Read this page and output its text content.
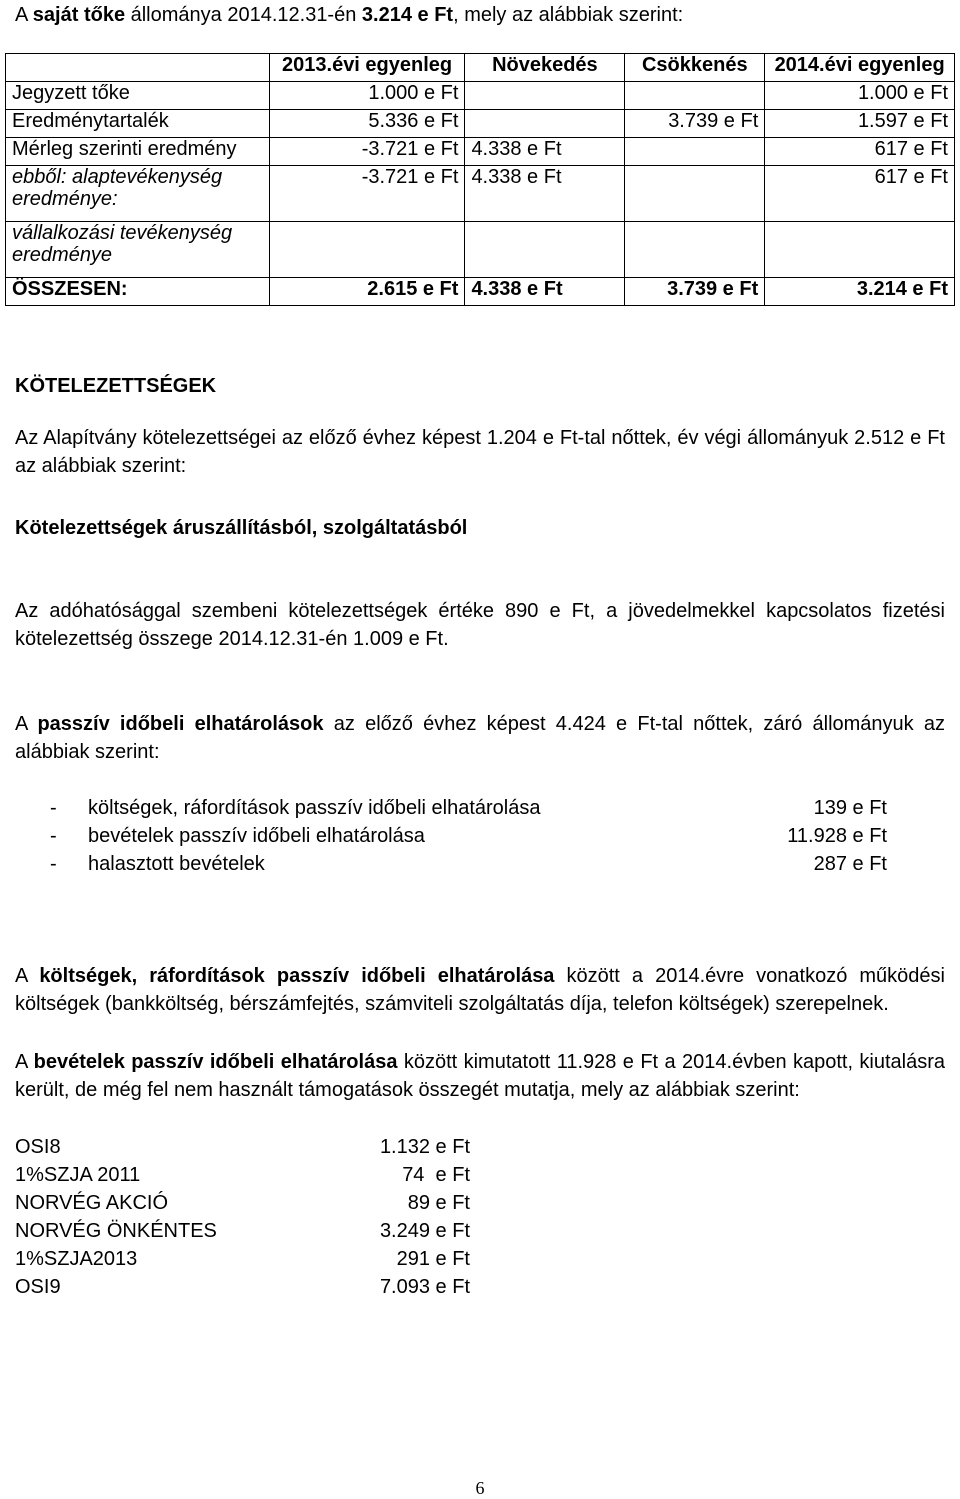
A saját tőke állománya 2014.12.31-én 3.214 e Ft, mely az alábbiak szerint:
	2013.évi egyenleg	Növekedés	Csökkenés	2014.évi egyenleg
Jegyzett tőke	1.000 e Ft			1.000 e Ft
Eredménytartalék	5.336 e Ft		3.739 e Ft	1.597 e Ft
Mérleg szerinti eredmény	-3.721 e Ft	4.338 e Ft		617 e Ft
ebből: alaptevékenység eredménye:	-3.721 e Ft	4.338 e Ft		617 e Ft
vállalkozási tevékenység eredménye				
ÖSSZESEN:	2.615 e Ft	4.338 e Ft	3.739 e Ft	3.214 e Ft
KÖTELEZETTSÉGEK
Az Alapítvány kötelezettségei az előző évhez képest 1.204 e Ft-tal nőttek, év végi állományuk 2.512 e Ft az alábbiak szerint:
Kötelezettségek áruszállításból, szolgáltatásból
Az adóhatósággal szembeni kötelezettségek értéke 890 e Ft, a jövedelmekkel kapcsolatos fizetési kötelezettség összege 2014.12.31-én 1.009 e Ft.
A passzív időbeli elhatárolások az előző évhez képest 4.424 e Ft-tal nőttek, záró állományuk az alábbiak szerint:
- költségek, ráfordítások passzív időbeli elhatárolása	139 e Ft
- bevételek passzív időbeli elhatárolása	11.928 e Ft
- halasztott bevételek	287 e Ft
A költségek, ráfordítások passzív időbeli elhatárolása között a 2014.évre vonatkozó működési költségek (bankköltség, bérszámfejtés, számviteli szolgáltatás díja, telefon költségek) szerepelnek.
A bevételek passzív időbeli elhatárolása között kimutatott 11.928 e Ft a 2014.évben kapott, kiutalásra került, de még fel nem használt támogatások összegét mutatja, mely az alábbiak szerint:
OSI8	1.132 e Ft
1%SZJA 2011	74  e Ft
NORVÉG AKCIÓ	89 e Ft
NORVÉG ÖNKÉNTES	3.249 e Ft
1%SZJA2013	291 e Ft
OSI9	7.093 e Ft
6
